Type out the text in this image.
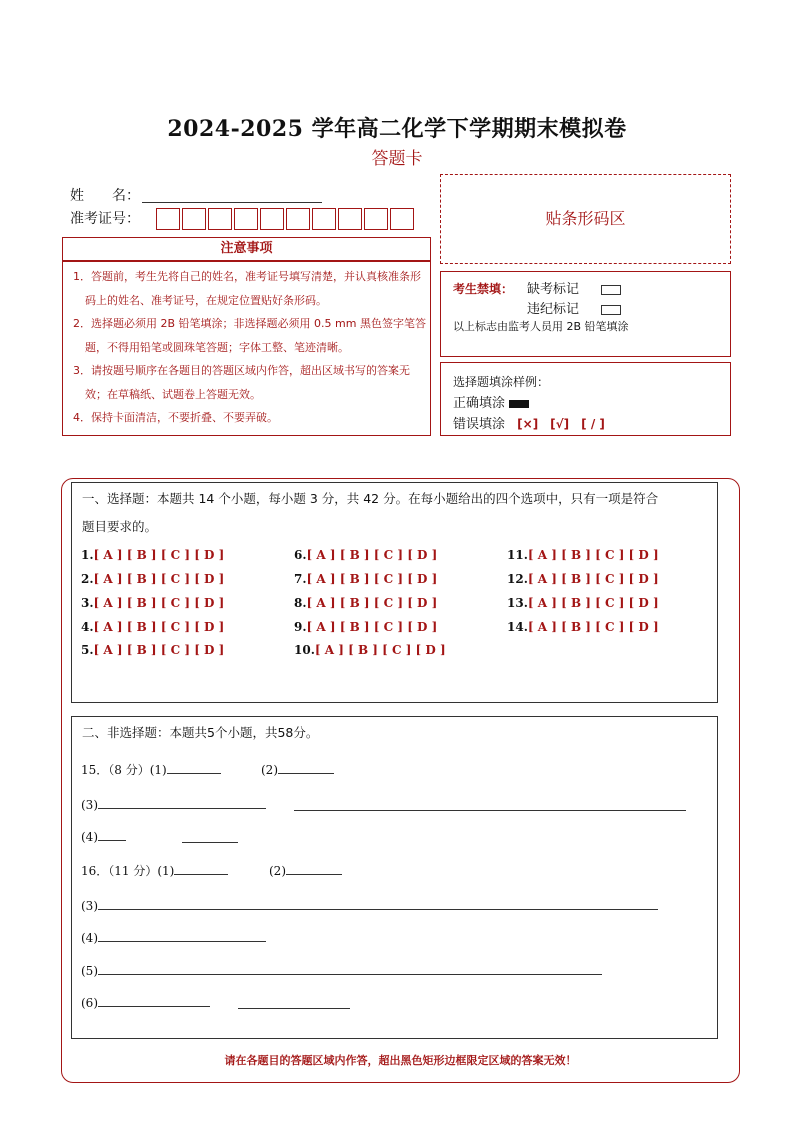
2024-2025 学年高二化学下学期期末模拟卷
答题卡
姓　　名：
准考证号：	贴条形码区
注意事项

1．答题前，考生先将自己的姓名，准考证号填写清楚，并认真核准条形码上的姓名、准考证号，在规定位置贴好条形码。

2．选择题必须用 2B 铅笔填涂；非选择题必须用 0.5 mm 黑色签字笔答题，不得用铅笔或圆珠笔答题；字体工整、笔迹清晰。

3．请按题号顺序在各题目的答题区域内作答，超出区域书写的答案无效；在草稿纸、试题卷上答题无效。

4．保持卡面清洁，不要折叠、不要弄破。

考生禁填： 缺考标记
违纪标记
以上标志由监考人员用 2B 铅笔填涂
选择题填涂样例：
正确填涂
错误填涂 [×]　[√]　[ / ]
一、选择题：本题共 14 个小题，每小题 3 分，共 42 分。在每小题给出的四个选项中，只有一项是符合
题目要求的。
1.[ A ] [ B ] [ C ] [ D ]
2.[ A ] [ B ] [ C ] [ D ]
3.[ A ] [ B ] [ C ] [ D ]
4.[ A ] [ B ] [ C ] [ D ]
5.[ A ] [ B ] [ C ] [ D ]
6.[ A ] [ B ] [ C ] [ D ]
7.[ A ] [ B ] [ C ] [ D ]
8.[ A ] [ B ] [ C ] [ D ]
9.[ A ] [ B ] [ C ] [ D ]
10.[ A ] [ B ] [ C ] [ D ]
11.[ A ] [ B ] [ C ] [ D ]
12.[ A ] [ B ] [ C ] [ D ]
13.[ A ] [ B ] [ C ] [ D ]
14.[ A ] [ B ] [ C ] [ D ]
二、非选择题：本题共5个小题，共58分。
15．（8 分）(1)	(2)
(3)
(4)
16．（11 分）(1)	(2)
(3)
(4)
(5)
(6)
请在各题目的答题区域内作答，超出黑色矩形边框限定区域的答案无效！
